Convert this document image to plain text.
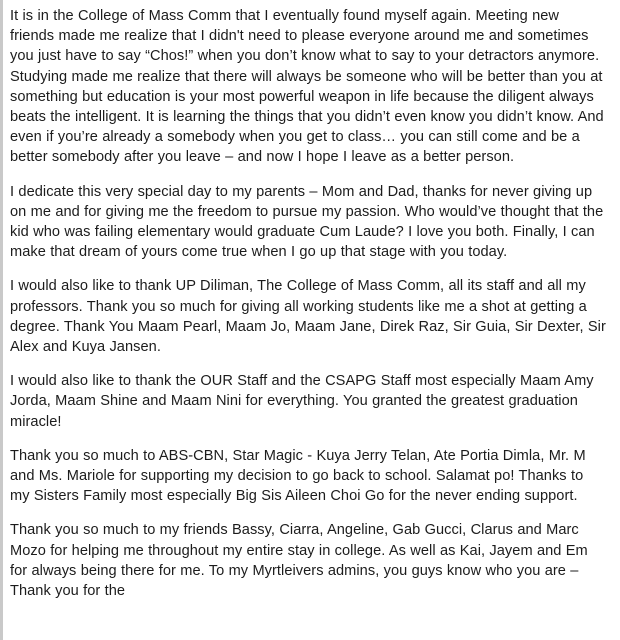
It is in the College of Mass Comm that I eventually found myself again. Meeting new friends made me realize that I didn't need to please everyone around me and sometimes you just have to say “Chos!” when you don’t know what to say to your detractors anymore. Studying made me realize that there will always be someone who will be better than you at something but education is your most powerful weapon in life because the diligent always beats the intelligent. It is learning the things that you didn’t even know you didn’t know. And even if you’re already a somebody when you get to class… you can still come and be a better somebody after you leave – and now I hope I leave as a better person.

I dedicate this very special day to my parents – Mom and Dad, thanks for never giving up on me and for giving me the freedom to pursue my passion. Who would’ve thought that the kid who was failing elementary would graduate Cum Laude? I love you both. Finally, I can make that dream of yours come true when I go up that stage with you today.

I would also like to thank UP Diliman, The College of Mass Comm, all its staff and all my professors. Thank you so much for giving all working students like me a shot at getting a degree. Thank You Maam Pearl, Maam Jo, Maam Jane, Direk Raz, Sir Guia, Sir Dexter, Sir Alex and Kuya Jansen.

I would also like to thank the OUR Staff and the CSAPG Staff most especially Maam Amy Jorda, Maam Shine and Maam Nini for everything. You granted the greatest graduation miracle!

Thank you so much to ABS-CBN, Star Magic - Kuya Jerry Telan, Ate Portia Dimla, Mr. M and Ms. Mariole for supporting my decision to go back to school. Salamat po! Thanks to my Sisters Family most especially Big Sis Aileen Choi Go for the never ending support.

Thank you so much to my friends Bassy, Ciarra, Angeline, Gab Gucci, Clarus and Marc Mozo for helping me throughout my entire stay in college. As well as Kai, Jayem and Em for always being there for me. To my Myrtleivers admins, you guys know who you are – Thank you for the
